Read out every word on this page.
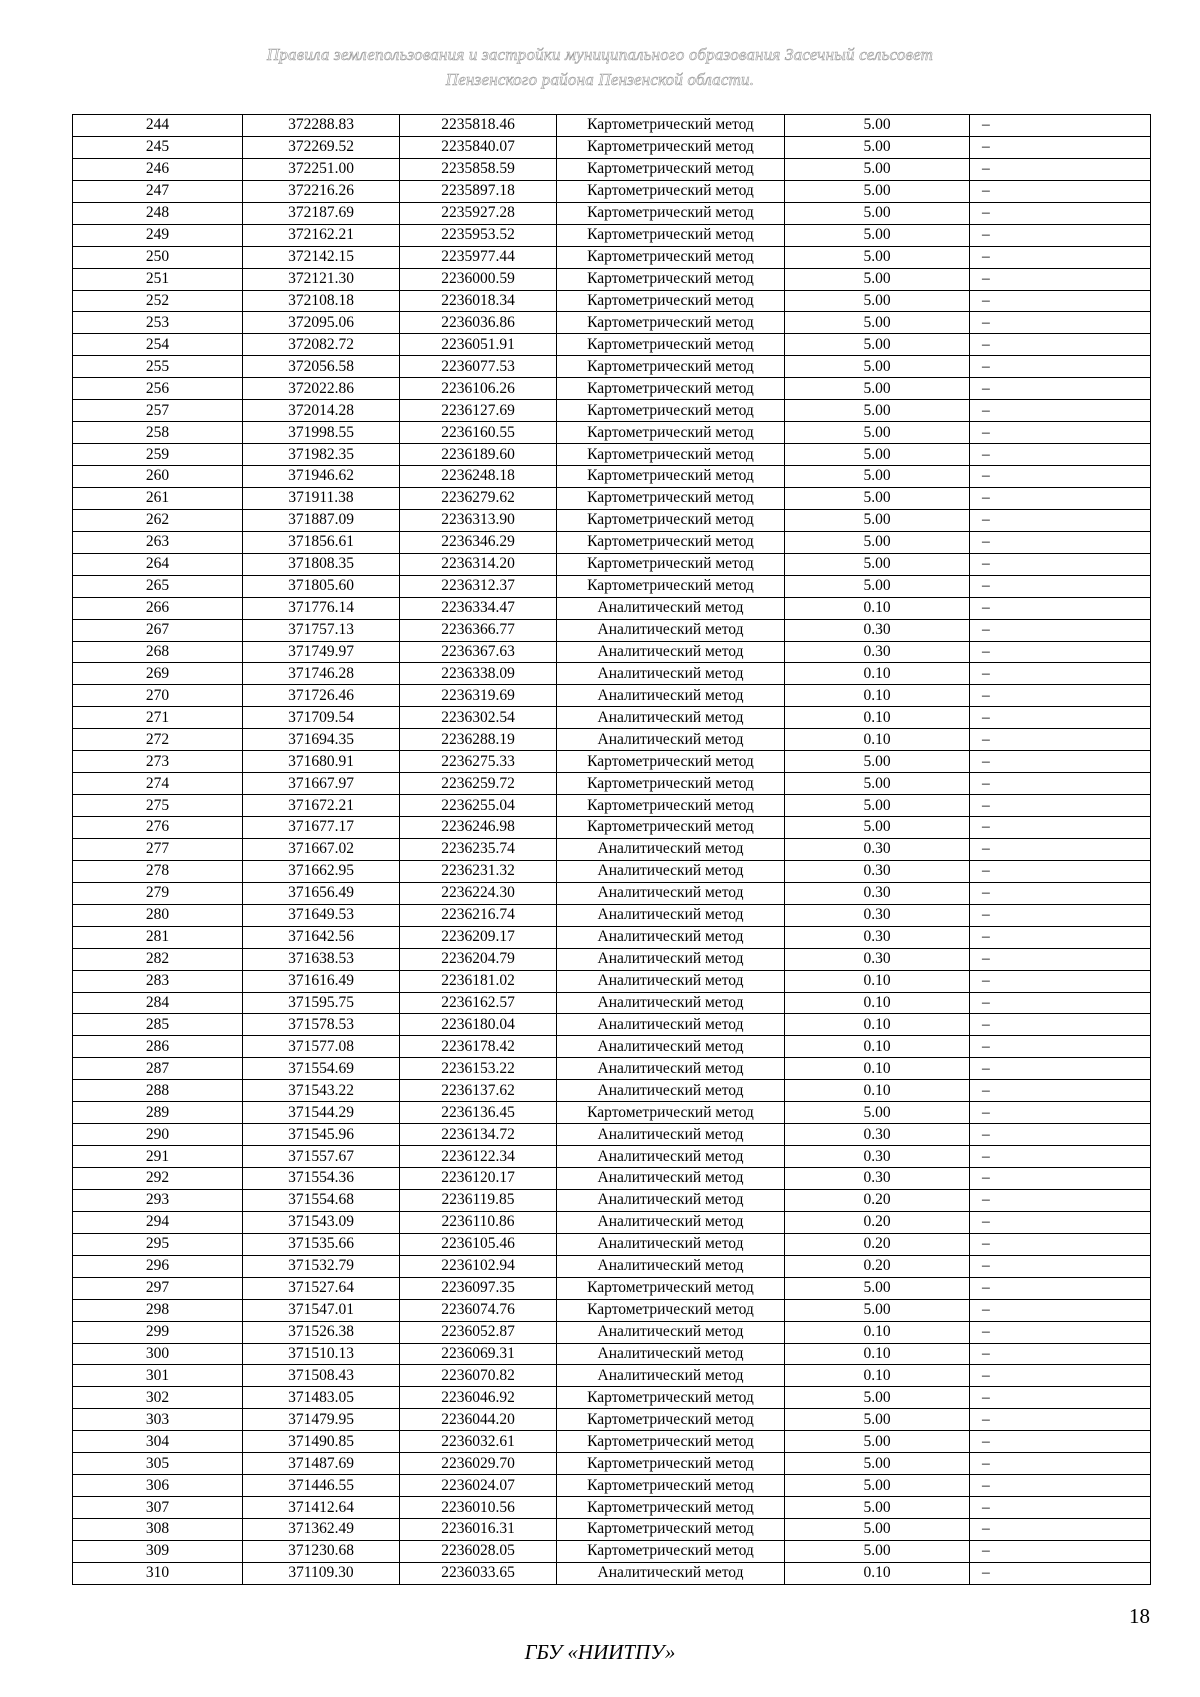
Правила землепользования и застройки муниципального образования Засечный сельсовет
Пензенского района Пензенской области.
244	372288.83	2235818.46	Картометрический метод	5.00	–
245	372269.52	2235840.07	Картометрический метод	5.00	–
246	372251.00	2235858.59	Картометрический метод	5.00	–
247	372216.26	2235897.18	Картометрический метод	5.00	–
248	372187.69	2235927.28	Картометрический метод	5.00	–
249	372162.21	2235953.52	Картометрический метод	5.00	–
250	372142.15	2235977.44	Картометрический метод	5.00	–
251	372121.30	2236000.59	Картометрический метод	5.00	–
252	372108.18	2236018.34	Картометрический метод	5.00	–
253	372095.06	2236036.86	Картометрический метод	5.00	–
254	372082.72	2236051.91	Картометрический метод	5.00	–
255	372056.58	2236077.53	Картометрический метод	5.00	–
256	372022.86	2236106.26	Картометрический метод	5.00	–
257	372014.28	2236127.69	Картометрический метод	5.00	–
258	371998.55	2236160.55	Картометрический метод	5.00	–
259	371982.35	2236189.60	Картометрический метод	5.00	–
260	371946.62	2236248.18	Картометрический метод	5.00	–
261	371911.38	2236279.62	Картометрический метод	5.00	–
262	371887.09	2236313.90	Картометрический метод	5.00	–
263	371856.61	2236346.29	Картометрический метод	5.00	–
264	371808.35	2236314.20	Картометрический метод	5.00	–
265	371805.60	2236312.37	Картометрический метод	5.00	–
266	371776.14	2236334.47	Аналитический метод	0.10	–
267	371757.13	2236366.77	Аналитический метод	0.30	–
268	371749.97	2236367.63	Аналитический метод	0.30	–
269	371746.28	2236338.09	Аналитический метод	0.10	–
270	371726.46	2236319.69	Аналитический метод	0.10	–
271	371709.54	2236302.54	Аналитический метод	0.10	–
272	371694.35	2236288.19	Аналитический метод	0.10	–
273	371680.91	2236275.33	Картометрический метод	5.00	–
274	371667.97	2236259.72	Картометрический метод	5.00	–
275	371672.21	2236255.04	Картометрический метод	5.00	–
276	371677.17	2236246.98	Картометрический метод	5.00	–
277	371667.02	2236235.74	Аналитический метод	0.30	–
278	371662.95	2236231.32	Аналитический метод	0.30	–
279	371656.49	2236224.30	Аналитический метод	0.30	–
280	371649.53	2236216.74	Аналитический метод	0.30	–
281	371642.56	2236209.17	Аналитический метод	0.30	–
282	371638.53	2236204.79	Аналитический метод	0.30	–
283	371616.49	2236181.02	Аналитический метод	0.10	–
284	371595.75	2236162.57	Аналитический метод	0.10	–
285	371578.53	2236180.04	Аналитический метод	0.10	–
286	371577.08	2236178.42	Аналитический метод	0.10	–
287	371554.69	2236153.22	Аналитический метод	0.10	–
288	371543.22	2236137.62	Аналитический метод	0.10	–
289	371544.29	2236136.45	Картометрический метод	5.00	–
290	371545.96	2236134.72	Аналитический метод	0.30	–
291	371557.67	2236122.34	Аналитический метод	0.30	–
292	371554.36	2236120.17	Аналитический метод	0.30	–
293	371554.68	2236119.85	Аналитический метод	0.20	–
294	371543.09	2236110.86	Аналитический метод	0.20	–
295	371535.66	2236105.46	Аналитический метод	0.20	–
296	371532.79	2236102.94	Аналитический метод	0.20	–
297	371527.64	2236097.35	Картометрический метод	5.00	–
298	371547.01	2236074.76	Картометрический метод	5.00	–
299	371526.38	2236052.87	Аналитический метод	0.10	–
300	371510.13	2236069.31	Аналитический метод	0.10	–
301	371508.43	2236070.82	Аналитический метод	0.10	–
302	371483.05	2236046.92	Картометрический метод	5.00	–
303	371479.95	2236044.20	Картометрический метод	5.00	–
304	371490.85	2236032.61	Картометрический метод	5.00	–
305	371487.69	2236029.70	Картометрический метод	5.00	–
306	371446.55	2236024.07	Картометрический метод	5.00	–
307	371412.64	2236010.56	Картометрический метод	5.00	–
308	371362.49	2236016.31	Картометрический метод	5.00	–
309	371230.68	2236028.05	Картометрический метод	5.00	–
310	371109.30	2236033.65	Аналитический метод	0.10	–
18
ГБУ «НИИТПУ»
